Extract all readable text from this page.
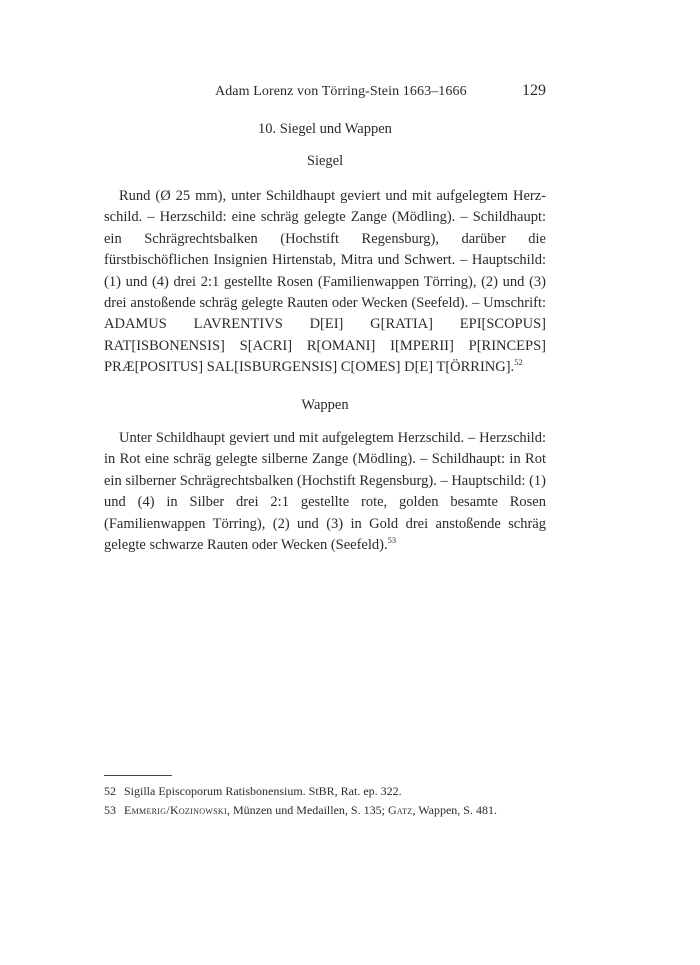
Adam Lorenz von Törring-Stein 1663–1666	129
10. Siegel und Wappen
Siegel

Rund (Ø 25 mm), unter Schildhaupt geviert und mit aufgelegtem Herzschild. – Herzschild: eine schräg gelegte Zange (Mödling). – Schildhaupt: ein Schrägrechtsbalken (Hochstift Regensburg), darüber die fürstbischöflichen Insignien Hirtenstab, Mitra und Schwert. – Hauptschild: (1) und (4) drei 2:1 gestellte Rosen (Familienwappen Törring), (2) und (3) drei anstoßende schräg gelegte Rauten oder Wecken (Seefeld). – Umschrift: ADAMUS LAVRENTIVS D[EI] G[RATIA] EPI[SCOPUS] RAT[ISBONENSIS] S[ACRI] R[OMANI] I[MPERII] P[RINCEPS] PRÆ[POSITUS] SAL[ISBURGENSIS] C[OMES] D[E] T[ÖRRING].$^{52}$

Wappen

Unter Schildhaupt geviert und mit aufgelegtem Herzschild. – Herzschild: in Rot eine schräg gelegte silberne Zange (Mödling). – Schildhaupt: in Rot ein silberner Schrägrechtsbalken (Hochstift Regensburg). – Hauptschild: (1) und (4) in Silber drei 2:1 gestellte rote, golden besamte Rosen (Familienwappen Törring), (2) und (3) in Gold drei anstoßende schräg gelegte schwarze Rauten oder Wecken (Seefeld).$^{53}$

52 Sigilla Episcoporum Ratisbonensium. StBR, Rat. ep. 322.
53 Emmerig/Kozinowski, Münzen und Medaillen, S. 135; Gatz, Wappen, S. 481.
